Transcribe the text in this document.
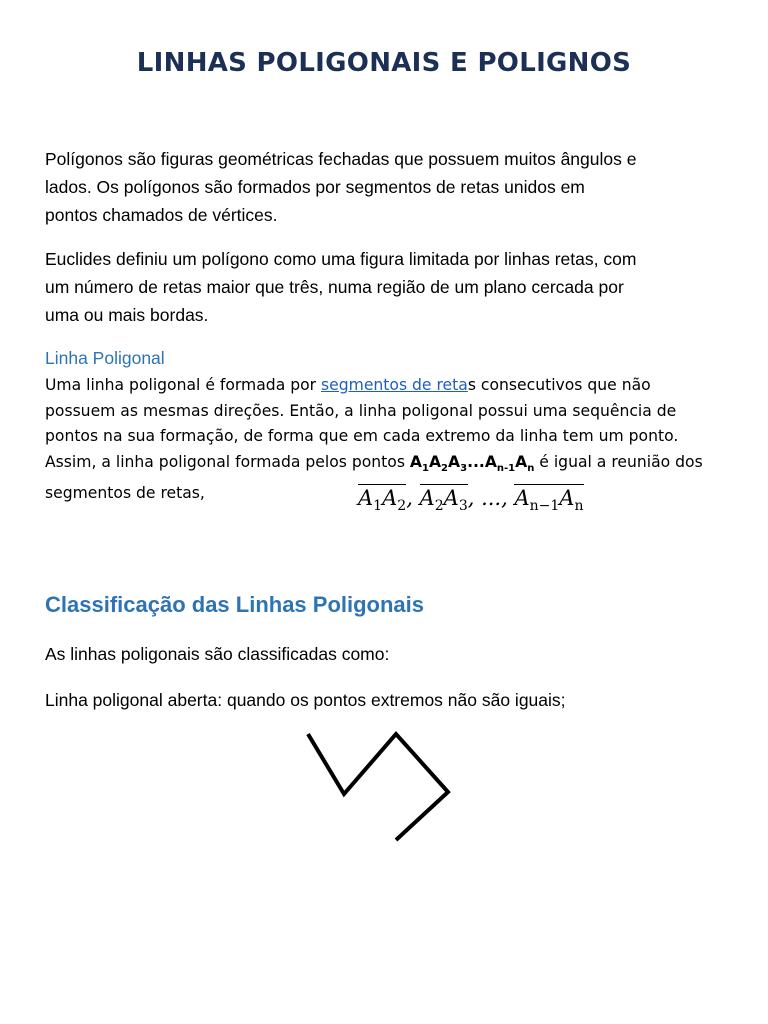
LINHAS POLIGONAIS E POLIGNOS
Polígonos são figuras geométricas fechadas que possuem muitos ângulos e
lados. Os polígonos são formados por segmentos de retas unidos em
pontos chamados de vértices.
Euclides definiu um polígono como uma figura limitada por linhas retas, com
um número de retas maior que três, numa região de um plano cercada por
uma ou mais bordas.
Linha Poligonal
Uma linha poligonal é formada por segmentos de retas consecutivos que não
possuem as mesmas direções. Então, a linha poligonal possui uma sequência de
pontos na sua formação, de forma que em cada extremo da linha tem um ponto.
Assim, a linha poligonal formada pelos pontos $A_1A_2A_3...A_{n-1}A_n$ é igual a reunião dos
segmentos de retas,	$A_1A_2$, $A_2A_3$, ..., $A_{n-1}A_n$
Classificação das Linhas Poligonais
As linhas poligonais são classificadas como:
Linha poligonal aberta: quando os pontos extremos não são iguais;
